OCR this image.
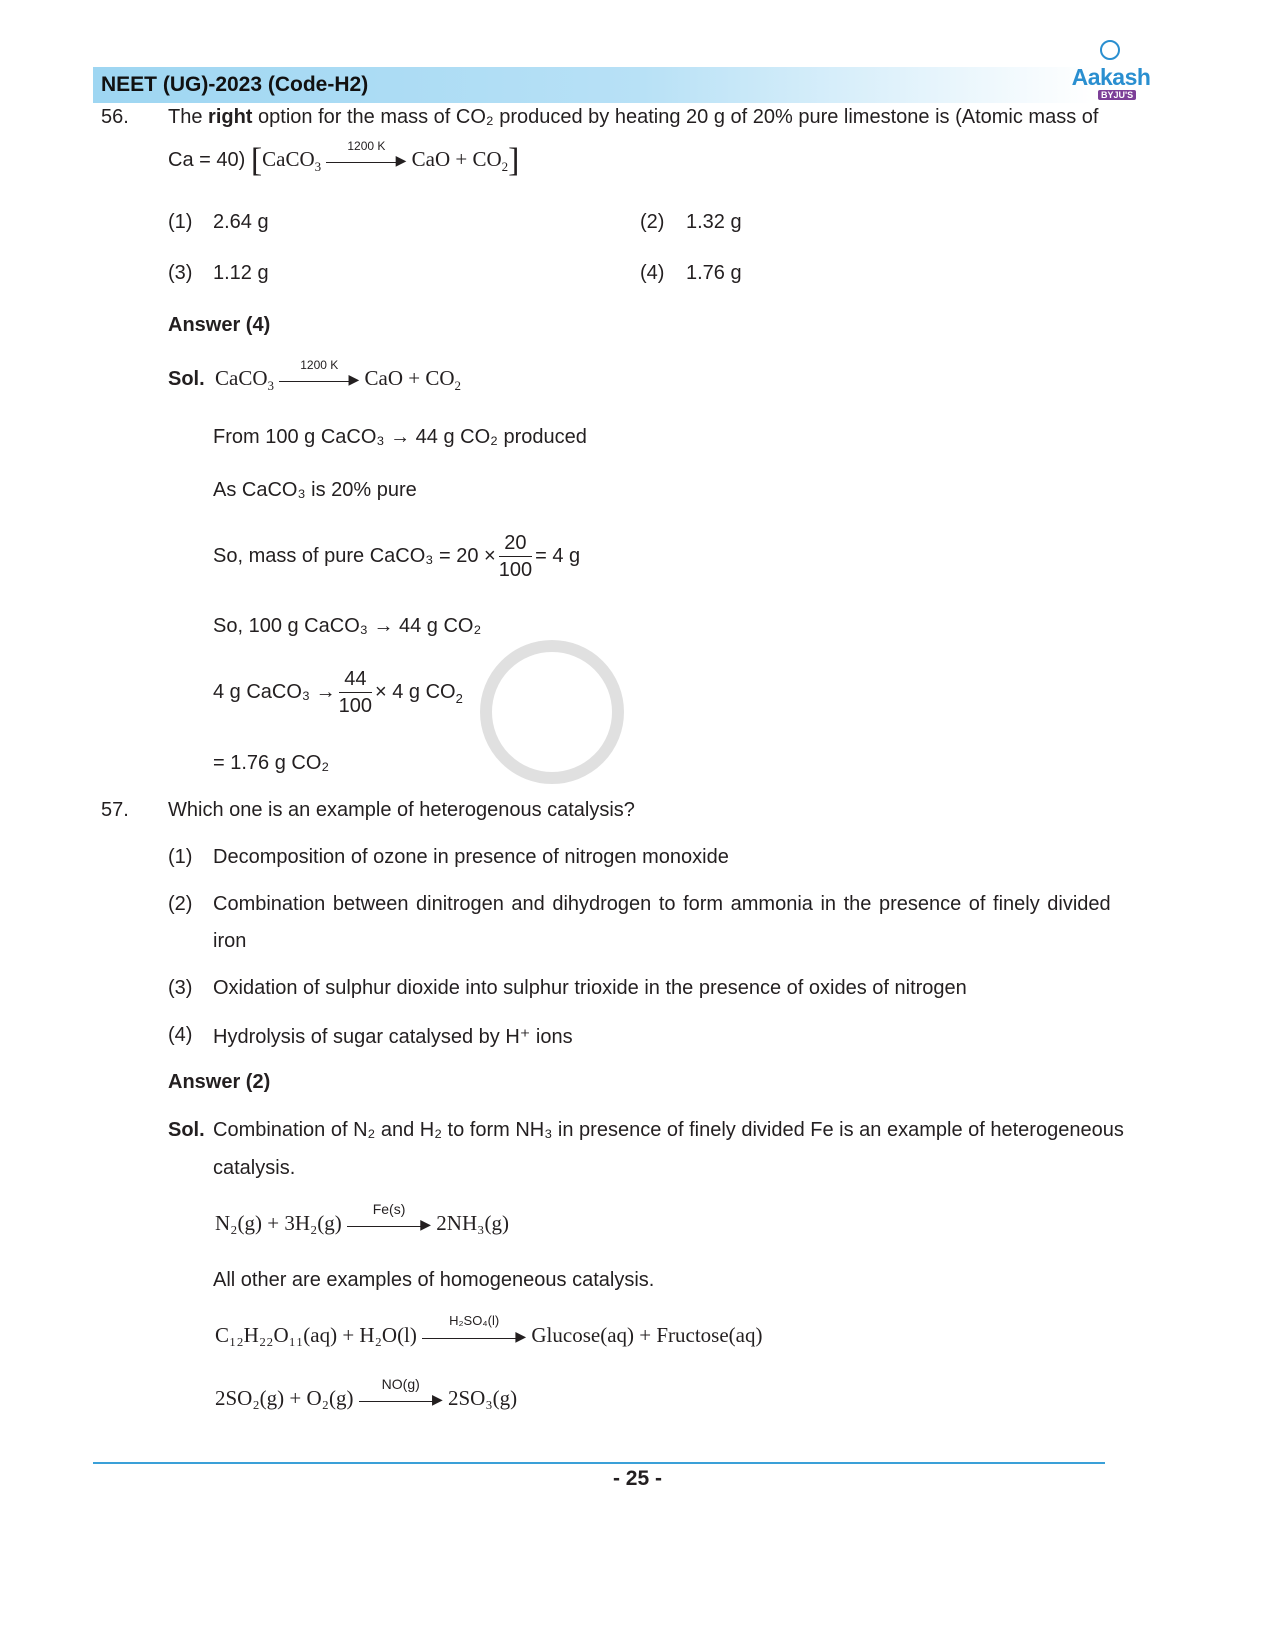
NEET (UG)-2023 (Code-H2)	Aakash
BYJU'S
56. The right option for the mass of CO₂ produced by heating 20 g of 20% pure limestone is (Atomic mass of
Ca = 40) [CaCO$_3$
1200 K
▶ CaO + $CO_2$]
(1) 2.64 g	(2) 1.32 g
(3) 1.12 g	(4) 1.76 g
Answer (4)
Sol. CaCO$_3$
1200 K
▶ CaO + $CO_2$
From 100 g CaCO₃ → 44 g CO₂ produced
As CaCO₃ is 20% pure
So, mass of pure CaCO₃ = $20 \times \frac{20}{100} = 4$ g
So, 100 g CaCO₃ → 44 g CO₂
4 g CaCO₃ → $\frac{44}{100} \times 4$ g $CO_2$
= 1.76 g CO₂
57. Which one is an example of heterogenous catalysis?
(1) Decomposition of ozone in presence of nitrogen monoxide
(2) Combination between dinitrogen and dihydrogen to form ammonia in the presence of finely divided
iron
(3) Oxidation of sulphur dioxide into sulphur trioxide in the presence of oxides of nitrogen
(4) Hydrolysis of sugar catalysed by H⁺ ions
Answer (2)
Sol. Combination of N₂ and H₂ to form NH₃ in presence of finely divided Fe is an example of heterogeneous
catalysis.
N₂(g) + 3H₂(g)
Fe(s)
▶ 2NH₃(g)
All other are examples of homogeneous catalysis.
C₁₂H₂₂O₁₁(aq) + H₂O(l)
H₂SO₄(l)
▶ Glucose(aq) + Fructose(aq)
2SO₂(g) + O₂(g)
NO(g)
▶ 2SO₃(g)
- 25 -
